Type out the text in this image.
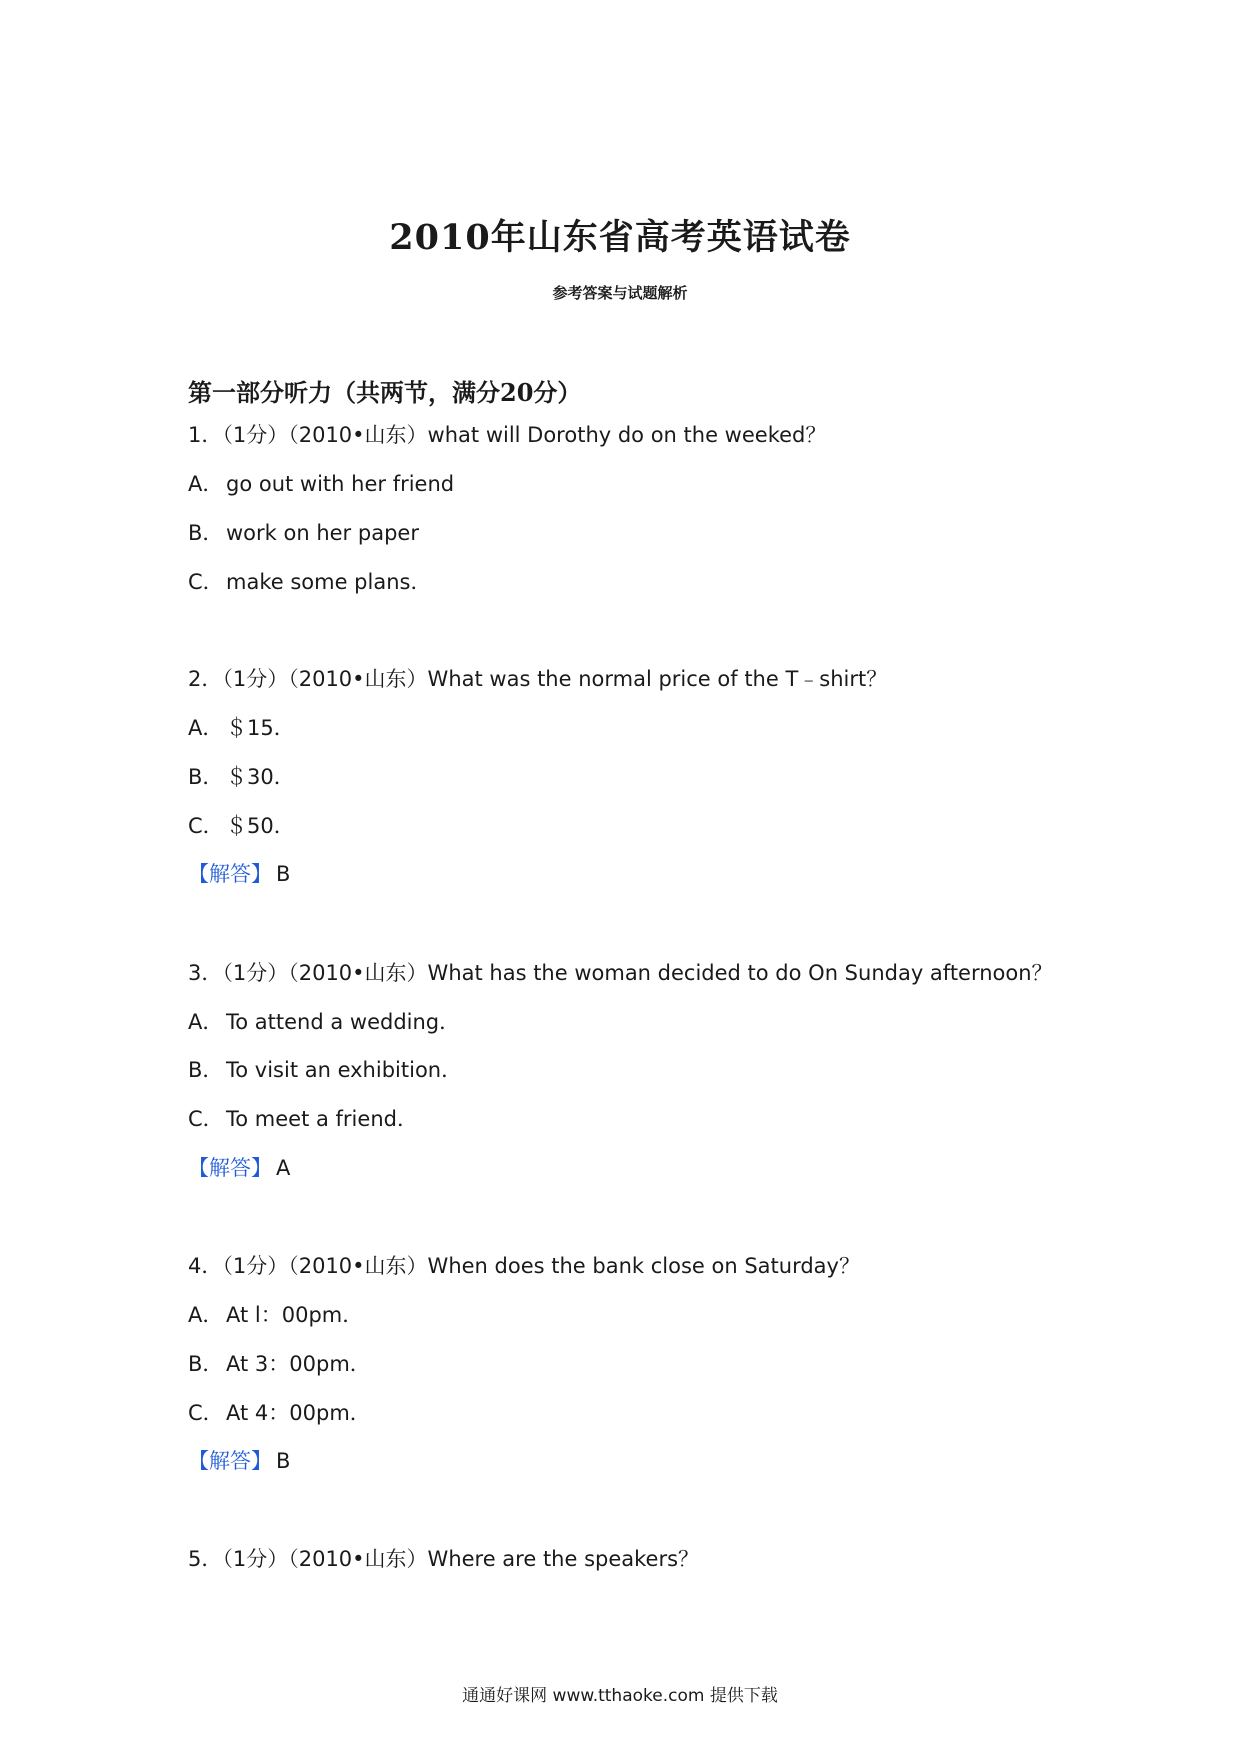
2010年山东省高考英语试卷
参考答案与试题解析
第一部分听力（共两节，满分20分）
1．（1分）（2010•山东）what will Dorothy do on the weeked？
A． go out with her friend
B． work on her paper
C． make some plans．
2．（1分）（2010•山东）What was the normal price of the T﹣shirt？
A． ＄15．
B． ＄30．
C． ＄50．
【解答】 B
3．（1分）（2010•山东）What has the woman decided to do On Sunday afternoon？
A． To attend a wedding．
B． To visit an exhibition．
C． To meet a friend．
【解答】 A
4．（1分）（2010•山东）When does the bank close on Saturday？
A． At l：00pm．
B． At 3：00pm．
C． At 4：00pm．
【解答】 B
5．（1分）（2010•山东）Where are the speakers？
通通好课网 www.tthaoke.com 提供下载
